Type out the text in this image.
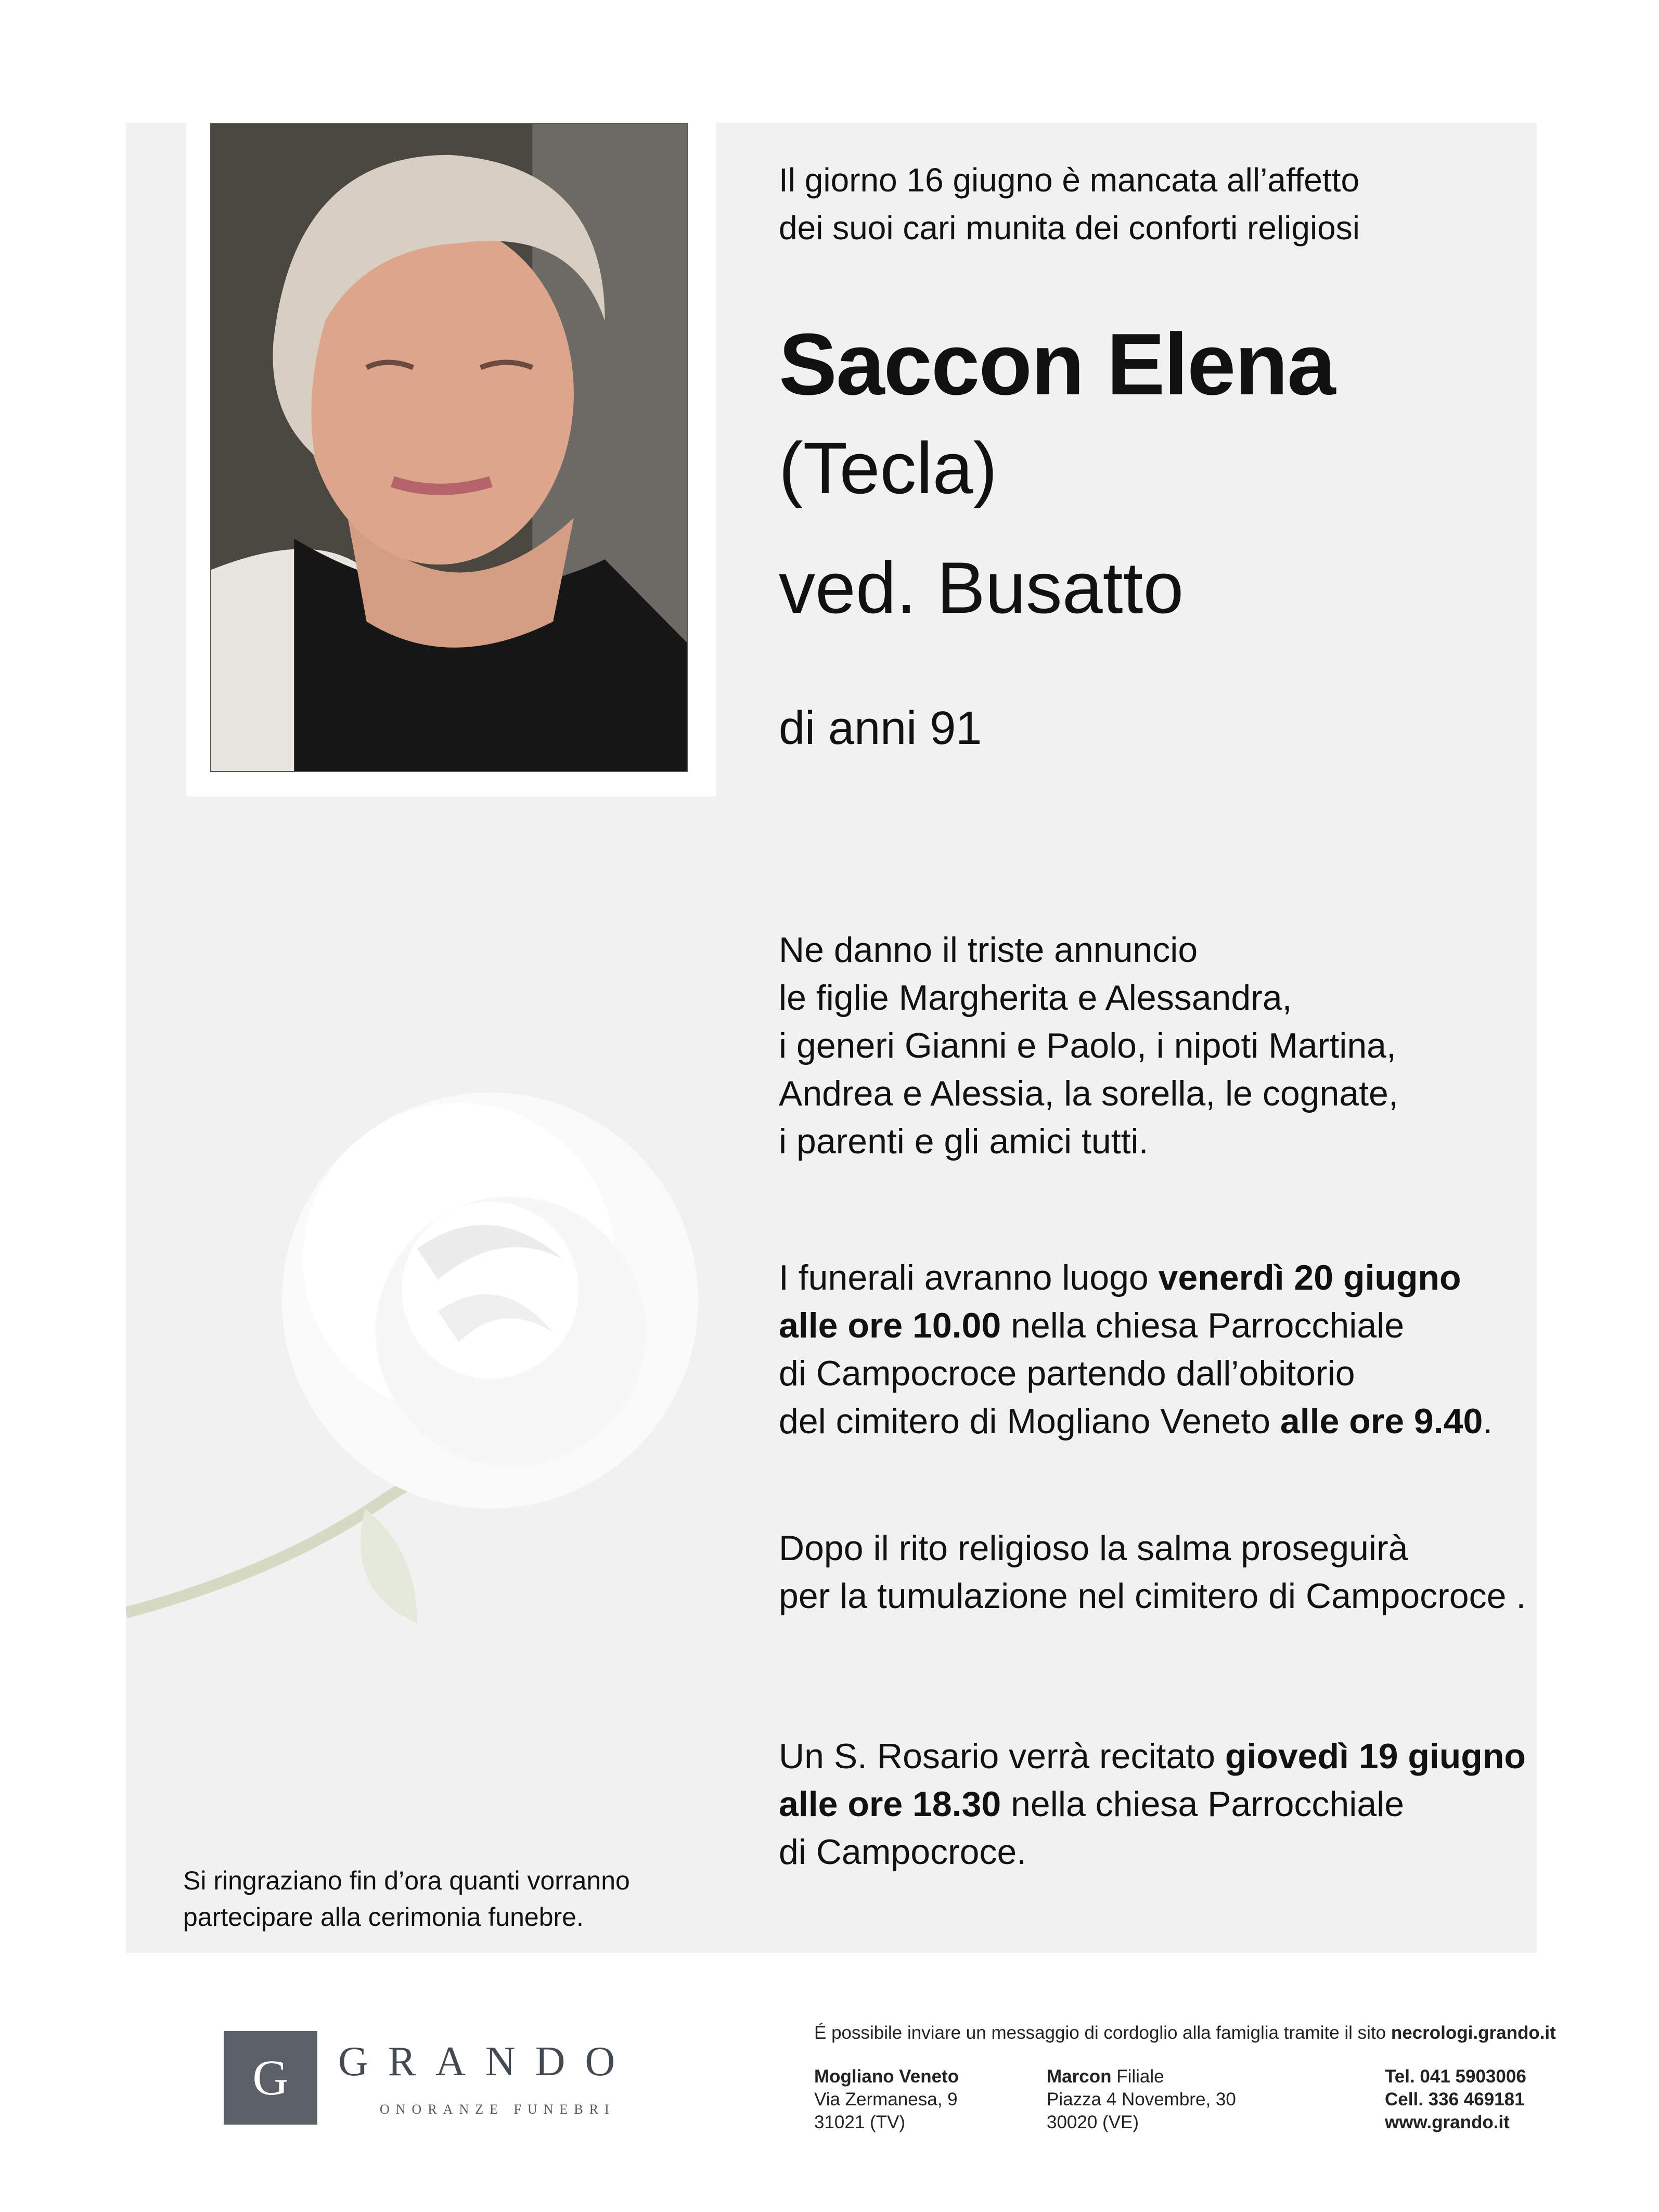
Il giorno 16 giugno è mancata all’affetto
dei suoi cari munita dei conforti religiosi

Saccon Elena

(Tecla)

ved. Busatto

di anni 91

Ne danno il triste annuncio
le figlie Margherita e Alessandra,
i generi Gianni e Paolo, i nipoti Martina,
Andrea e Alessia, la sorella, le cognate,
i parenti e gli amici tutti.

I funerali avranno luogo venerdì 20 giugno
alle ore 10.00 nella chiesa Parrocchiale
di Campocroce partendo dall’obitorio
del cimitero di Mogliano Veneto alle ore 9.40.

Dopo il rito religioso la salma proseguirà
per la tumulazione nel cimitero di Campocroce .

Un S. Rosario verrà recitato giovedì 19 giugno
alle ore 18.30 nella chiesa Parrocchiale
di Campocroce.

Si ringraziano fin d’ora quanti vorranno
partecipare alla cerimonia funebre.

G	GRANDO

ONORANZE FUNEBRI

É possibile inviare un messaggio di cordoglio alla famiglia tramite il sito necrologi.grando.it

Mogliano Veneto
Via Zermanesa, 9
31021 (TV)

Marcon Filiale
Piazza 4 Novembre, 30
30020 (VE)

Tel. 041 5903006
Cell. 336 469181
www.grando.it
